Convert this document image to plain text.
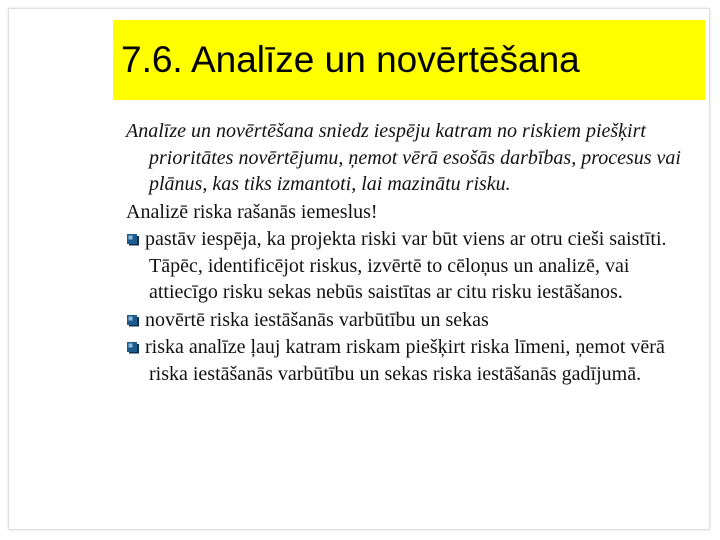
7.6. Analīze un novērtēšana

Analīze un novērtēšana sniedz iespēju katram no riskiem piešķirt prioritātes novērtējumu, ņemot vērā esošās darbības, procesus vai plānus, kas tiks izmantoti, lai mazinātu risku.

Analizē riska rašanās iemeslus!

pastāv iespēja, ka projekta riski var būt viens ar otru cieši saistīti. Tāpēc, identificējot riskus, izvērtē to cēloņus un analizē, vai attiecīgo risku sekas nebūs saistītas ar citu risku iestāšanos.

novērtē riska iestāšanās varbūtību un sekas

riska analīze ļauj katram riskam piešķirt riska līmeni, ņemot vērā riska iestāšanās varbūtību un sekas riska iestāšanās gadījumā.
